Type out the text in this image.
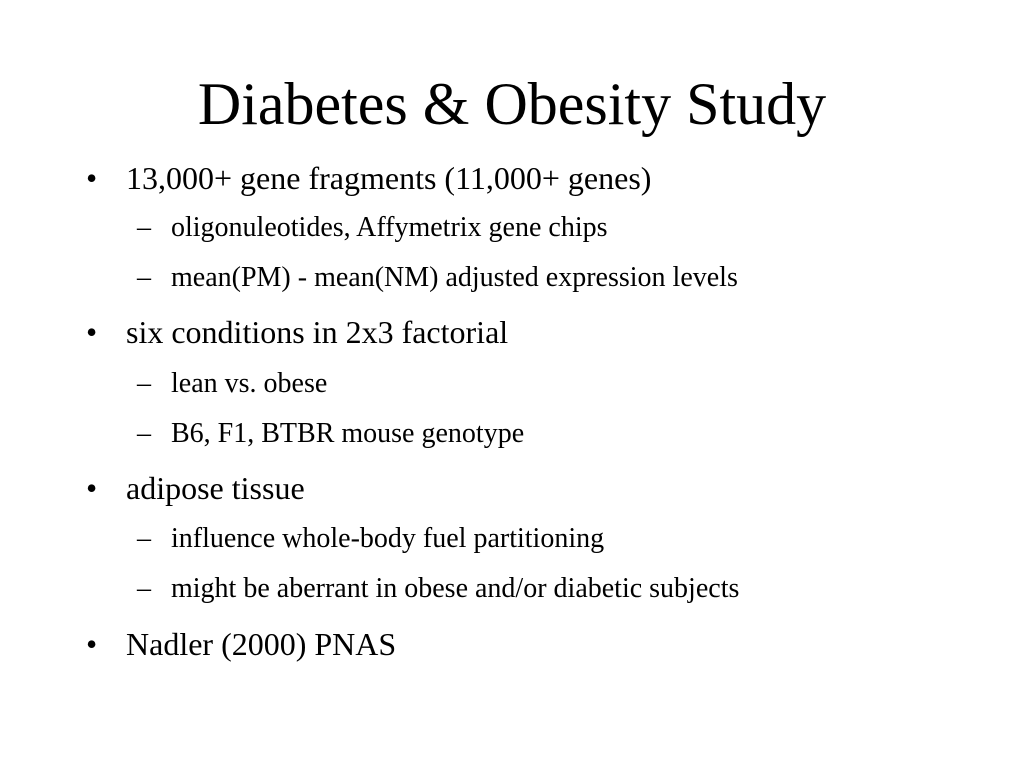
Diabetes & Obesity Study
• 13,000+ gene fragments (11,000+ genes)
– oligonuleotides, Affymetrix gene chips
– mean(PM) - mean(NM) adjusted expression levels
• six conditions in 2x3 factorial
– lean vs. obese
– B6, F1, BTBR mouse genotype
• adipose tissue
– influence whole-body fuel partitioning
– might be aberrant in obese and/or diabetic subjects
• Nadler (2000) PNAS
